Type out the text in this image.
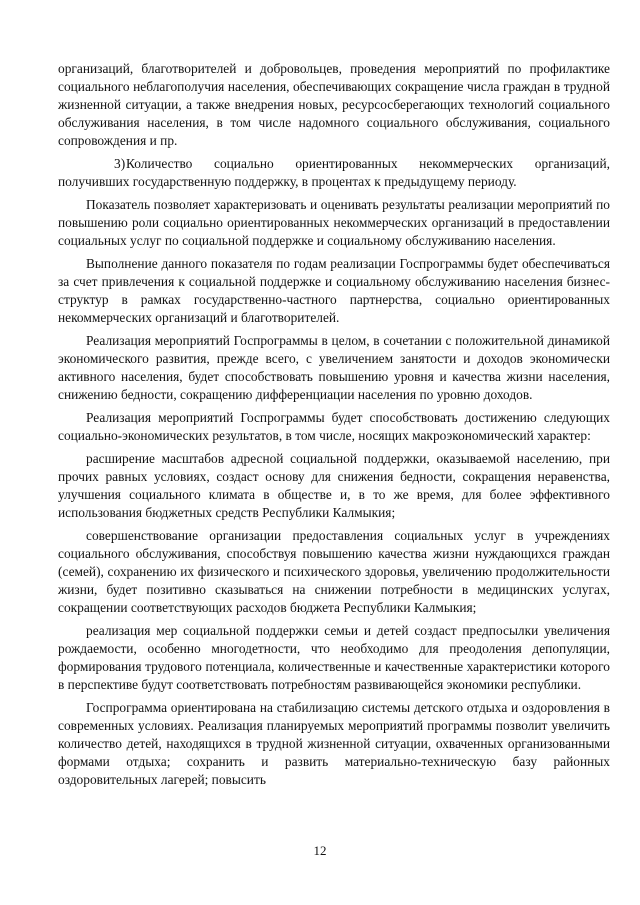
организаций, благотворителей и добровольцев, проведения мероприятий по профилактике социального неблагополучия населения, обеспечивающих сокращение числа граждан в трудной жизненной ситуации, а также внедрения новых, ресурсосберегающих технологий социального обслуживания населения, в том числе надомного социального обслуживания, социального сопровождения и пр.

3)Количество социально ориентированных некоммерческих организаций, получивших государственную поддержку, в процентах к предыдущему периоду.

Показатель позволяет характеризовать и оценивать результаты реализации мероприятий по повышению роли социально ориентированных некоммерческих организаций в предоставлении социальных услуг по социальной поддержке и социальному обслуживанию населения.

Выполнение данного показателя по годам реализации Госпрограммы будет обеспечиваться за счет привлечения к социальной поддержке и социальному обслуживанию населения бизнес-структур в рамках государственно-частного партнерства, социально ориентированных некоммерческих организаций и благотворителей.

Реализация мероприятий Госпрограммы в целом, в сочетании с положительной динамикой экономического развития, прежде всего, с увеличением занятости и доходов экономически активного населения, будет способствовать повышению уровня и качества жизни населения, снижению бедности, сокращению дифференциации населения по уровню доходов.

Реализация мероприятий Госпрограммы будет способствовать достижению следующих социально-экономических результатов, в том числе, носящих макроэкономический характер:

расширение масштабов адресной социальной поддержки, оказываемой населению, при прочих равных условиях, создаст основу для снижения бедности, сокращения неравенства, улучшения социального климата в обществе и, в то же время, для более эффективного использования бюджетных средств Республики Калмыкия;

совершенствование организации предоставления социальных услуг в учреждениях социального обслуживания, способствуя повышению качества жизни нуждающихся граждан (семей), сохранению их физического и психического здоровья, увеличению продолжительности жизни, будет позитивно сказываться на снижении потребности в медицинских услугах, сокращении соответствующих расходов бюджета Республики Калмыкия;

реализация мер социальной поддержки семьи и детей создаст предпосылки увеличения рождаемости, особенно многодетности, что необходимо для преодоления депопуляции, формирования трудового потенциала, количественные и качественные характеристики которого в перспективе будут соответствовать потребностям развивающейся экономики республики.

Госпрограмма ориентирована на стабилизацию системы детского отдыха и оздоровления в современных условиях. Реализация планируемых мероприятий программы позволит увеличить количество детей, находящихся в трудной жизненной ситуации, охваченных организованными формами отдыха; сохранить и развить материально-техническую базу районных оздоровительных лагерей; повысить

12
